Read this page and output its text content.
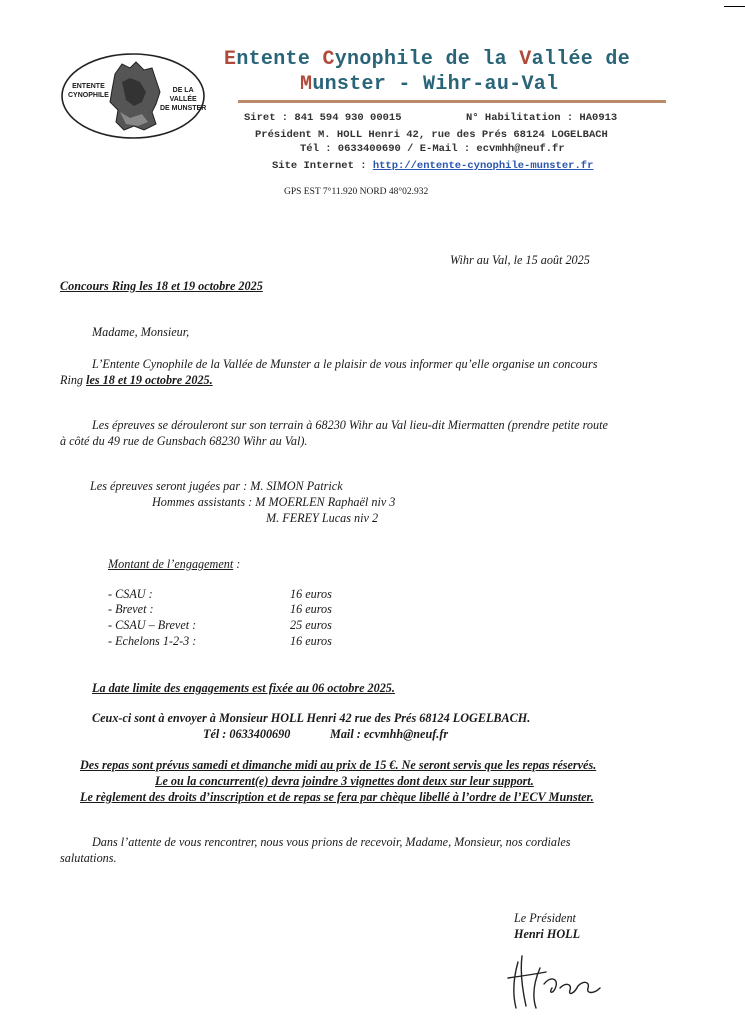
ENTENTE
CYNOPHILE
DE LA
VALLÉE
DE MUNSTER
Entente Cynophile de la Vallée de
Munster - Wihr-au-Val
Siret : 841 594 930 00015	N° Habilitation : HA0913
Président M. HOLL Henri 42, rue des Prés 68124 LOGELBACH
Tél : 0633400690 / E-Mail : ecvmhh@neuf.fr
Site Internet : http://entente-cynophile-munster.fr
GPS EST 7°11.920 NORD 48°02.932
Wihr au Val, le 15 août 2025
Concours Ring les 18 et 19 octobre 2025
Madame, Monsieur,
L’Entente Cynophile de la Vallée de Munster a le plaisir de vous informer qu’elle organise un concours
Ring les 18 et 19 octobre 2025.
Les épreuves se dérouleront sur son terrain à 68230 Wihr au Val lieu-dit Miermatten (prendre petite route
à côté du 49 rue de Gunsbach 68230 Wihr au Val).
Les épreuves seront jugées par : M. SIMON Patrick
Hommes assistants : M MOERLEN Raphaël niv 3
M. FEREY Lucas niv 2
Montant de l’engagement :
- CSAU :	16 euros
- Brevet :	16 euros
- CSAU – Brevet :	25 euros
- Echelons 1-2-3 :	16 euros
La date limite des engagements est fixée au 06 octobre 2025.
Ceux-ci sont à envoyer à Monsieur HOLL Henri 42 rue des Prés 68124 LOGELBACH.
Tél : 0633400690	Mail : ecvmhh@neuf.fr
Des repas sont prévus samedi et dimanche midi au prix de 15 €. Ne seront servis que les repas réservés.
Le ou la concurrent(e) devra joindre 3 vignettes dont deux sur leur support.
Le règlement des droits d’inscription et de repas se fera par chèque libellé à l’ordre de l’ECV Munster.
Dans l’attente de vous rencontrer, nous vous prions de recevoir, Madame, Monsieur, nos cordiales
salutations.
Le Président
Henri HOLL
